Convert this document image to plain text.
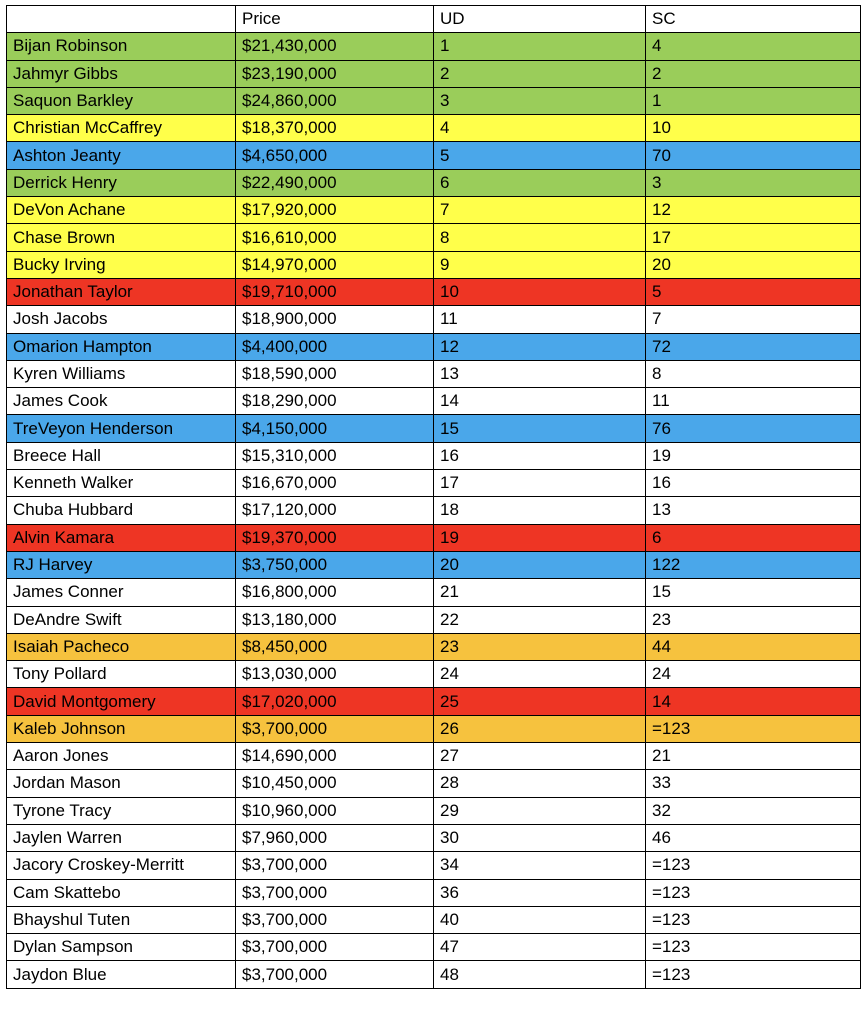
	Price	UD	SC
Bijan Robinson	$21,430,000	1	4
Jahmyr Gibbs	$23,190,000	2	2
Saquon Barkley	$24,860,000	3	1
Christian McCaffrey	$18,370,000	4	10
Ashton Jeanty	$4,650,000	5	70
Derrick Henry	$22,490,000	6	3
DeVon Achane	$17,920,000	7	12
Chase Brown	$16,610,000	8	17
Bucky Irving	$14,970,000	9	20
Jonathan Taylor	$19,710,000	10	5
Josh Jacobs	$18,900,000	11	7
Omarion Hampton	$4,400,000	12	72
Kyren Williams	$18,590,000	13	8
James Cook	$18,290,000	14	11
TreVeyon Henderson	$4,150,000	15	76
Breece Hall	$15,310,000	16	19
Kenneth Walker	$16,670,000	17	16
Chuba Hubbard	$17,120,000	18	13
Alvin Kamara	$19,370,000	19	6
RJ Harvey	$3,750,000	20	122
James Conner	$16,800,000	21	15
DeAndre Swift	$13,180,000	22	23
Isaiah Pacheco	$8,450,000	23	44
Tony Pollard	$13,030,000	24	24
David Montgomery	$17,020,000	25	14
Kaleb Johnson	$3,700,000	26	=123
Aaron Jones	$14,690,000	27	21
Jordan Mason	$10,450,000	28	33
Tyrone Tracy	$10,960,000	29	32
Jaylen Warren	$7,960,000	30	46
Jacory Croskey-Merritt	$3,700,000	34	=123
Cam Skattebo	$3,700,000	36	=123
Bhayshul Tuten	$3,700,000	40	=123
Dylan Sampson	$3,700,000	47	=123
Jaydon Blue	$3,700,000	48	=123
